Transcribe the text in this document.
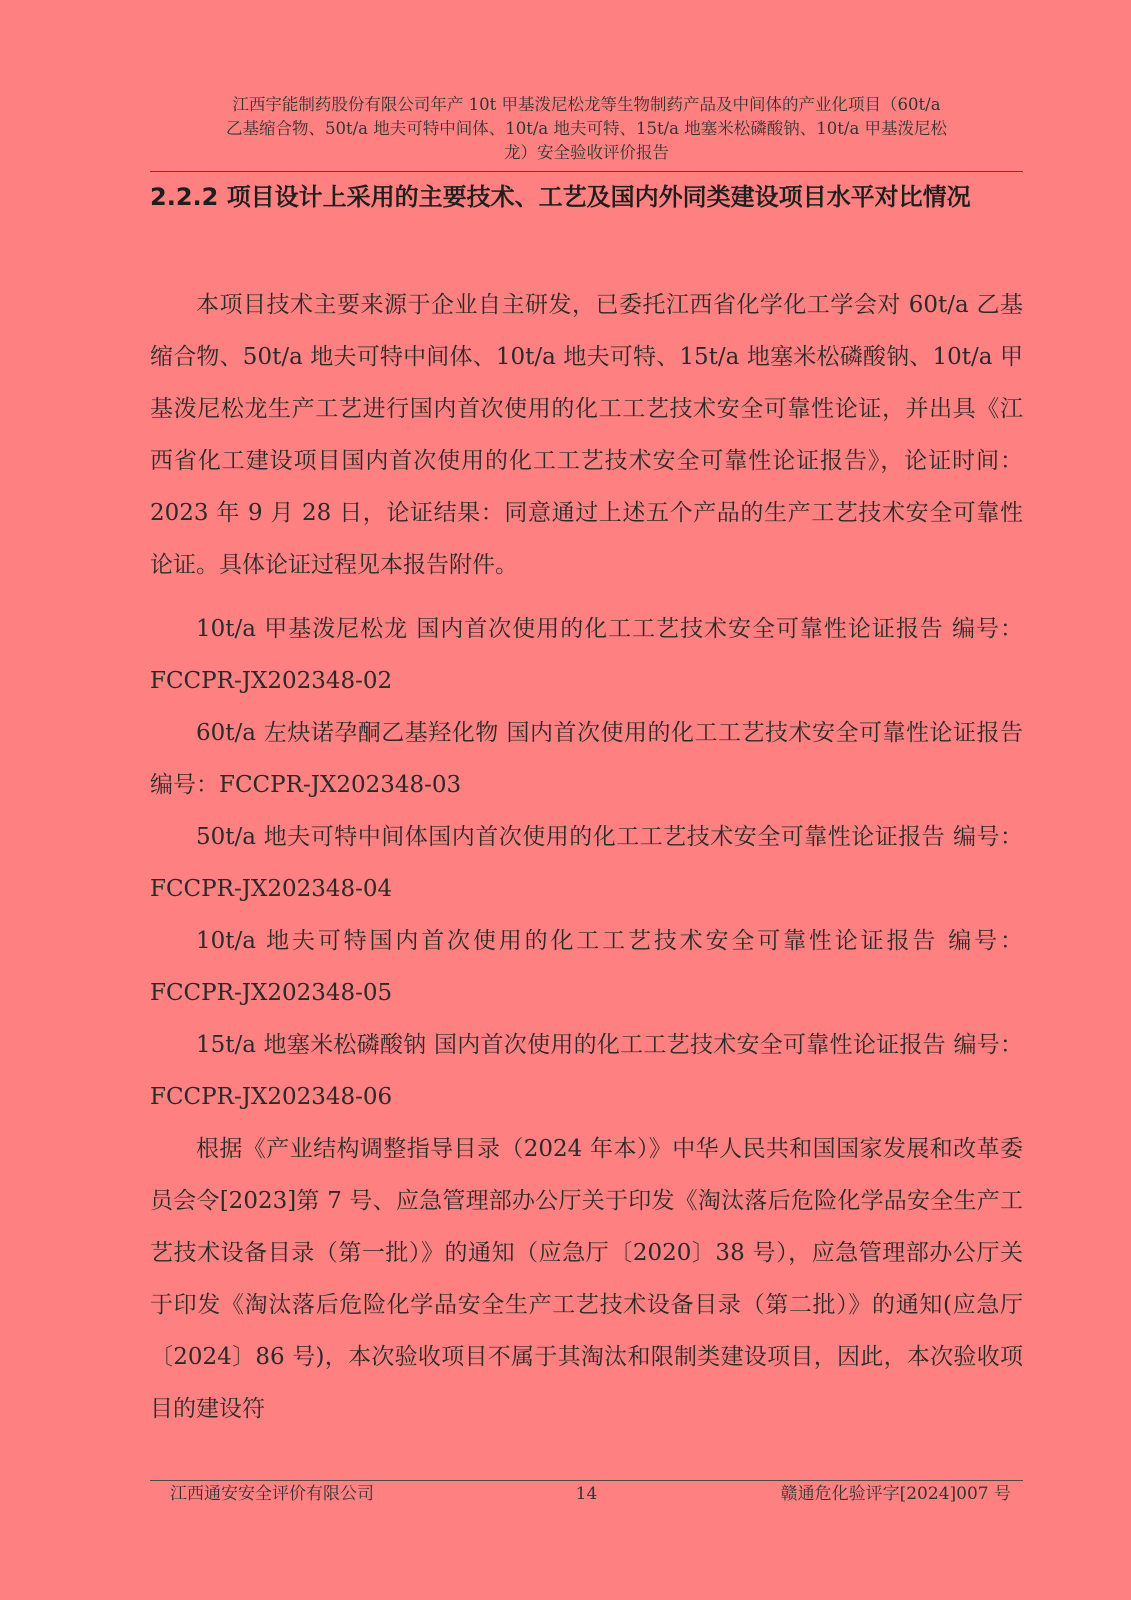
江西宇能制药股份有限公司年产 10t 甲基泼尼松龙等生物制药产品及中间体的产业化项目（60t/a
乙基缩合物、50t/a 地夫可特中间体、10t/a 地夫可特、15t/a 地塞米松磷酸钠、10t/a 甲基泼尼松
龙）安全验收评价报告
2.2.2 项目设计上采用的主要技术、工艺及国内外同类建设项目水平对比情况

本项目技术主要来源于企业自主研发，已委托江西省化学化工学会对 60t/a 乙基缩合物、50t/a 地夫可特中间体、10t/a 地夫可特、15t/a 地塞米松磷酸钠、10t/a 甲基泼尼松龙生产工艺进行国内首次使用的化工工艺技术安全可靠性论证，并出具《江西省化工建设项目国内首次使用的化工工艺技术安全可靠性论证报告》，论证时间：2023 年 9 月 28 日，论证结果：同意通过上述五个产品的生产工艺技术安全可靠性论证。具体论证过程见本报告附件。

10t/a 甲基泼尼松龙 国内首次使用的化工工艺技术安全可靠性论证报告 编号：FCCPR-JX202348-02

60t/a 左炔诺孕酮乙基羟化物 国内首次使用的化工工艺技术安全可靠性论证报告 编号：FCCPR-JX202348-03

50t/a 地夫可特中间体国内首次使用的化工工艺技术安全可靠性论证报告 编号：FCCPR-JX202348-04

10t/a 地夫可特国内首次使用的化工工艺技术安全可靠性论证报告 编号：FCCPR-JX202348-05

15t/a 地塞米松磷酸钠 国内首次使用的化工工艺技术安全可靠性论证报告 编号：FCCPR-JX202348-06

根据《产业结构调整指导目录（2024 年本）》中华人民共和国国家发展和改革委员会令[2023]第 7 号、应急管理部办公厅关于印发《淘汰落后危险化学品安全生产工艺技术设备目录（第一批）》的通知（应急厅〔2020〕38 号），应急管理部办公厅关于印发《淘汰落后危险化学品安全生产工艺技术设备目录（第二批）》的通知(应急厅〔2024〕86 号)，本次验收项目不属于其淘汰和限制类建设项目，因此，本次验收项目的建设符

江西通安安全评价有限公司	14	赣通危化验评字[2024]007 号
